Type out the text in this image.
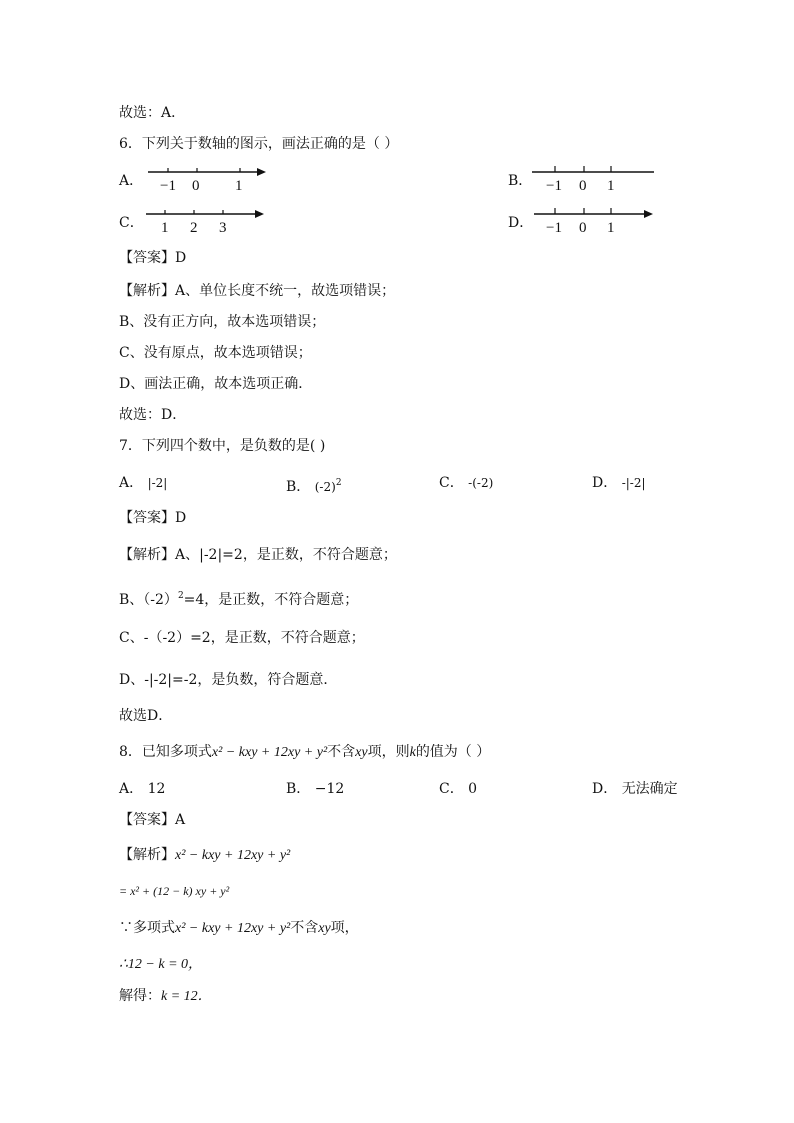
故选：A．
6．下列关于数轴的图示，画法正确的是（ ）
A． −1 0 1	B． −1 0 1
C． 1 2 3	D． −1 0 1
【答案】D
【解析】A、单位长度不统一，故选项错误；
B、没有正方向，故本选项错误；
C、没有原点，故本选项错误；
D、画法正确，故本选项正确．
故选：D．
7．下列四个数中，是负数的是( )
A． |-2|	B． $(-2)^2$	C． -(-2)	D． -|-2|
【答案】D
【解析】A、|-2|=2，是正数，不符合题意；
B、$(-2)^2=4$，是正数，不符合题意；
C、-（-2）=2，是正数，不符合题意；
D、-|-2|=-2，是负数，符合题意．
故选D．
8．已知多项式x² − kxy + 12xy + y²不含xy项，则k的值为（ ）
A． 12	B． −12	C． 0	D． 无法确定
【答案】A
【解析】x² − kxy + 12xy + y²
= x² + (12 − k) xy + y²
∵多项式x² − kxy + 12xy + y²不含xy项，
∴12 − k = 0，
解得：k = 12．
